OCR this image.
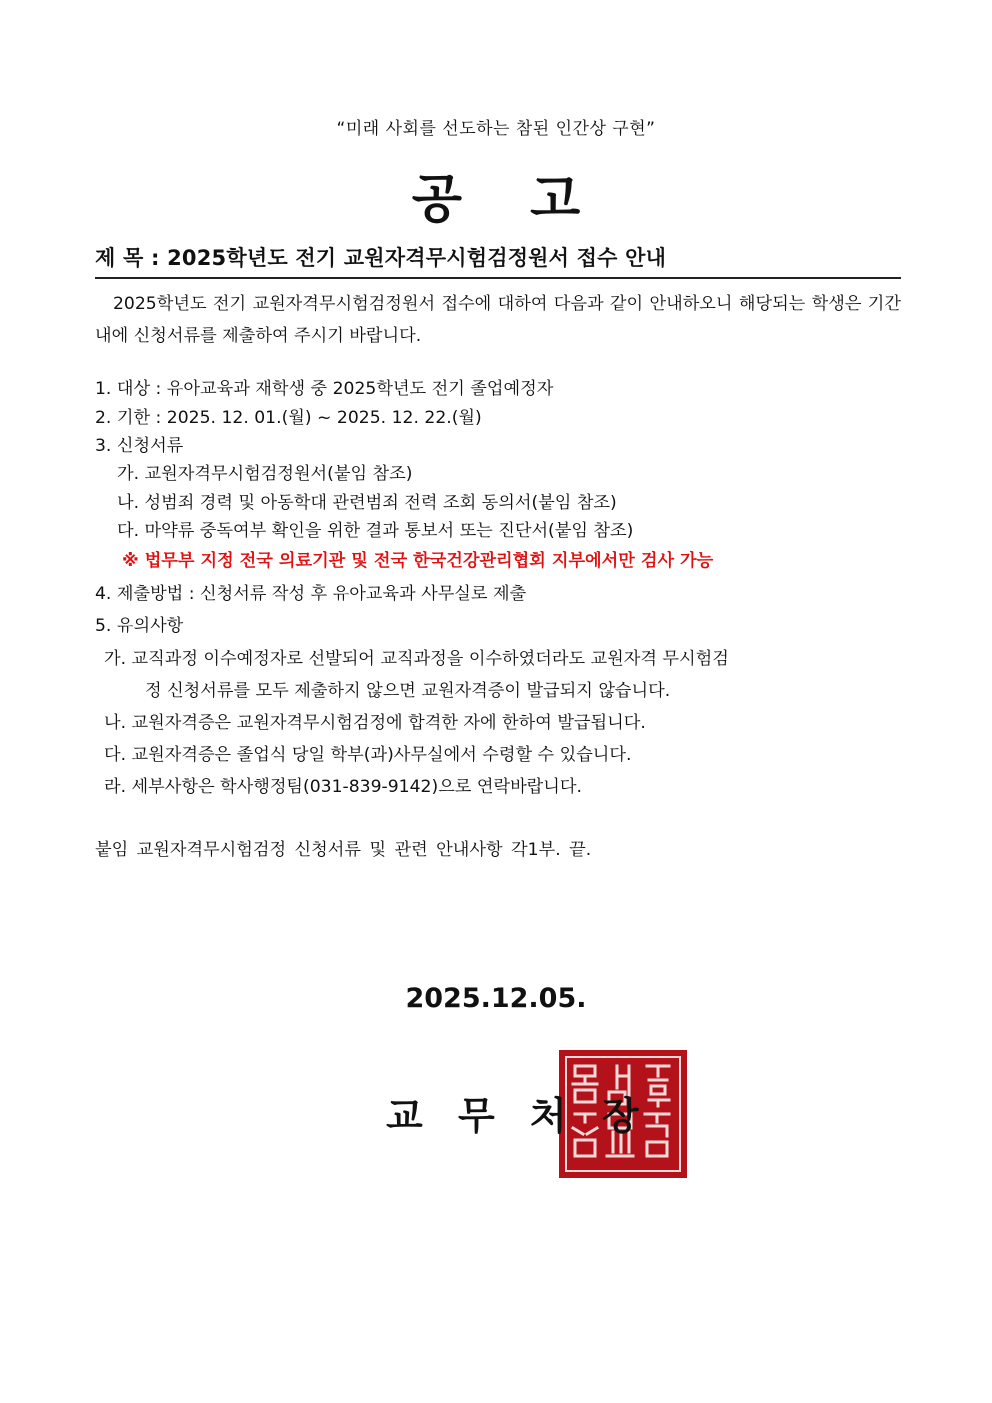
“미래 사회를 선도하는 참된 인간상 구현”
공 고
제 목 : 2025학년도 전기 교원자격무시험검정원서 접수 안내
2025학년도 전기 교원자격무시험검정원서 접수에 대하여 다음과 같이 안내하오니 해당되는 학생은 기간 내에 신청서류를 제출하여 주시기 바랍니다.
1. 대상 : 유아교육과 재학생 중 2025학년도 전기 졸업예정자
2. 기한 : 2025. 12. 01.(월) ~ 2025. 12. 22.(월)
3. 신청서류
가. 교원자격무시험검정원서(붙임 참조)
나. 성범죄 경력 및 아동학대 관련범죄 전력 조회 동의서(붙임 참조)
다. 마약류 중독여부 확인을 위한 결과 통보서 또는 진단서(붙임 참조)
※ 법무부 지정 전국 의료기관 및 전국 한국건강관리협회 지부에서만 검사 가능
4. 제출방법 : 신청서류 작성 후 유아교육과 사무실로 제출
5. 유의사항
가. 교직과정 이수예정자로 선발되어 교직과정을 이수하였더라도 교원자격 무시험검
정 신청서류를 모두 제출하지 않으면 교원자격증이 발급되지 않습니다.
나. 교원자격증은 교원자격무시험검정에 합격한 자에 한하여 발급됩니다.
다. 교원자격증은 졸업식 당일 학부(과)사무실에서 수령할 수 있습니다.
라. 세부사항은 학사행정팀(031-839-9142)으로 연락바랍니다.
붙임 교원자격무시험검정 신청서류 및 관련 안내사항 각1부. 끝.
2025.12.05.
교 무 처 장
